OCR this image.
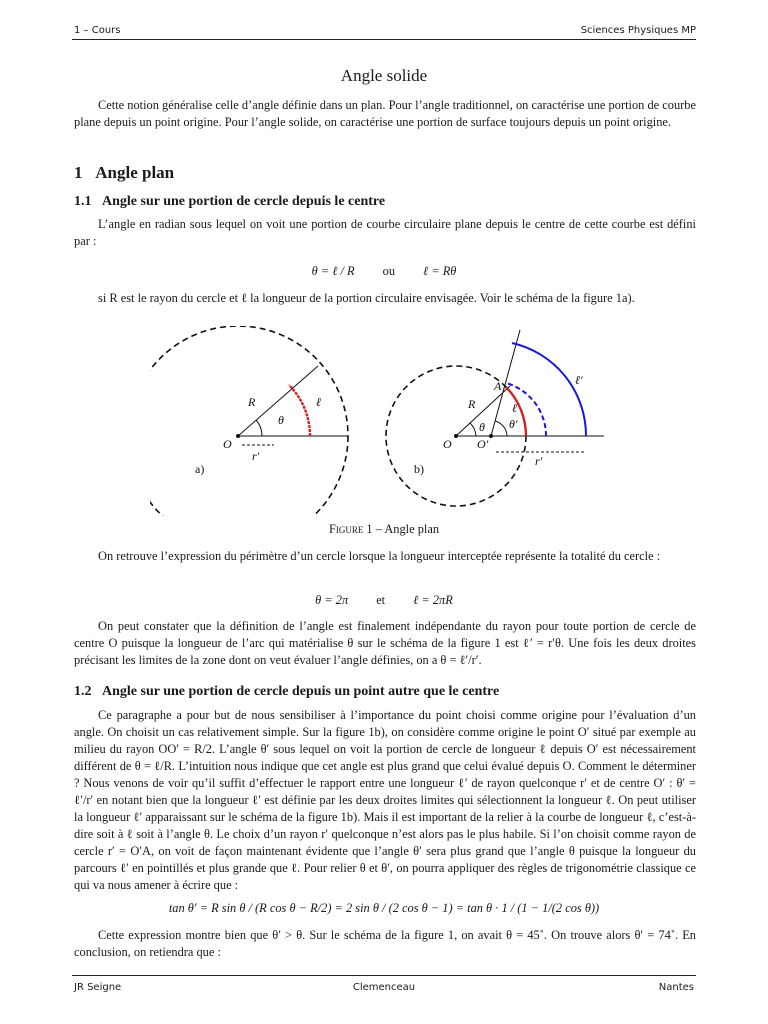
1 – Cours	Sciences Physiques MP
Angle solide

Cette notion généralise celle d’angle définie dans un plan. Pour l’angle traditionnel, on caractérise une portion de courbe plane depuis un point origine. Pour l’angle solide, on caractérise une portion de surface toujours depuis un point origine.

1 Angle plan
1.1 Angle sur une portion de cercle depuis le centre

L’angle en radian sous lequel on voit une portion de courbe circulaire plane depuis le centre de cette courbe est défini par :

θ = ℓ / R ou ℓ = Rθ

si R est le rayon du cercle et ℓ la longueur de la portion circulaire envisagée. Voir le schéma de la figure 1a).

R
θ
ℓ
O
r′
a)
A
R
θ θ′
ℓ
ℓ′
O O′
r′
b)
Figure 1 – Angle plan

On retrouve l’expression du périmètre d’un cercle lorsque la longueur interceptée représente la totalité du cercle :

θ = 2π et ℓ = 2πR

On peut constater que la définition de l’angle est finalement indépendante du rayon pour toute portion de cercle de centre O puisque la longueur de l’arc qui matérialise θ sur le schéma de la figure 1 est ℓ′ = r′θ. Une fois les deux droites précisant les limites de la zone dont on veut évaluer l’angle définies, on a θ = ℓ′/r′.

1.2 Angle sur une portion de cercle depuis un point autre que le centre

Ce paragraphe a pour but de nous sensibiliser à l’importance du point choisi comme origine pour l’évaluation d’un angle. On choisit un cas relativement simple. Sur la figure 1b), on considère comme origine le point O′ situé par exemple au milieu du rayon OO′ = R/2. L’angle θ′ sous lequel on voit la portion de cercle de longueur ℓ depuis O′ est nécessairement différent de θ = ℓ/R. L’intuition nous indique que cet angle est plus grand que celui évalué depuis O. Comment le déterminer ? Nous venons de voir qu’il suffit d’effectuer le rapport entre une longueur ℓ′ de rayon quelconque r′ et de centre O′ : θ′ = ℓ′/r′ en notant bien que la longueur ℓ′ est définie par les deux droites limites qui sélectionnent la longueur ℓ. On peut utiliser la longueur ℓ′ apparaissant sur le schéma de la figure 1b). Mais il est important de la relier à la courbe de longueur ℓ, c’est-à-dire soit à ℓ soit à l’angle θ. Le choix d’un rayon r′ quelconque n’est alors pas le plus habile. Si l’on choisit comme rayon de cercle r′ = O′A, on voit de façon maintenant évidente que l’angle θ′ sera plus grand que l’angle θ puisque la longueur du parcours ℓ′ en pointillés et plus grande que ℓ. Pour relier θ et θ′, on pourra appliquer des règles de trigonométrie classique ce qui va nous amener à écrire que :

tan θ′ = R sin θ / (R cos θ − R/2) = 2 sin θ / (2 cos θ − 1) = tan θ · 1 / (1 − 1/(2 cos θ))

Cette expression montre bien que θ′ > θ. Sur le schéma de la figure 1, on avait θ = 45˚. On trouve alors θ′ = 74˚. En conclusion, on retiendra que :

JR Seigne	Clemenceau	Nantes
